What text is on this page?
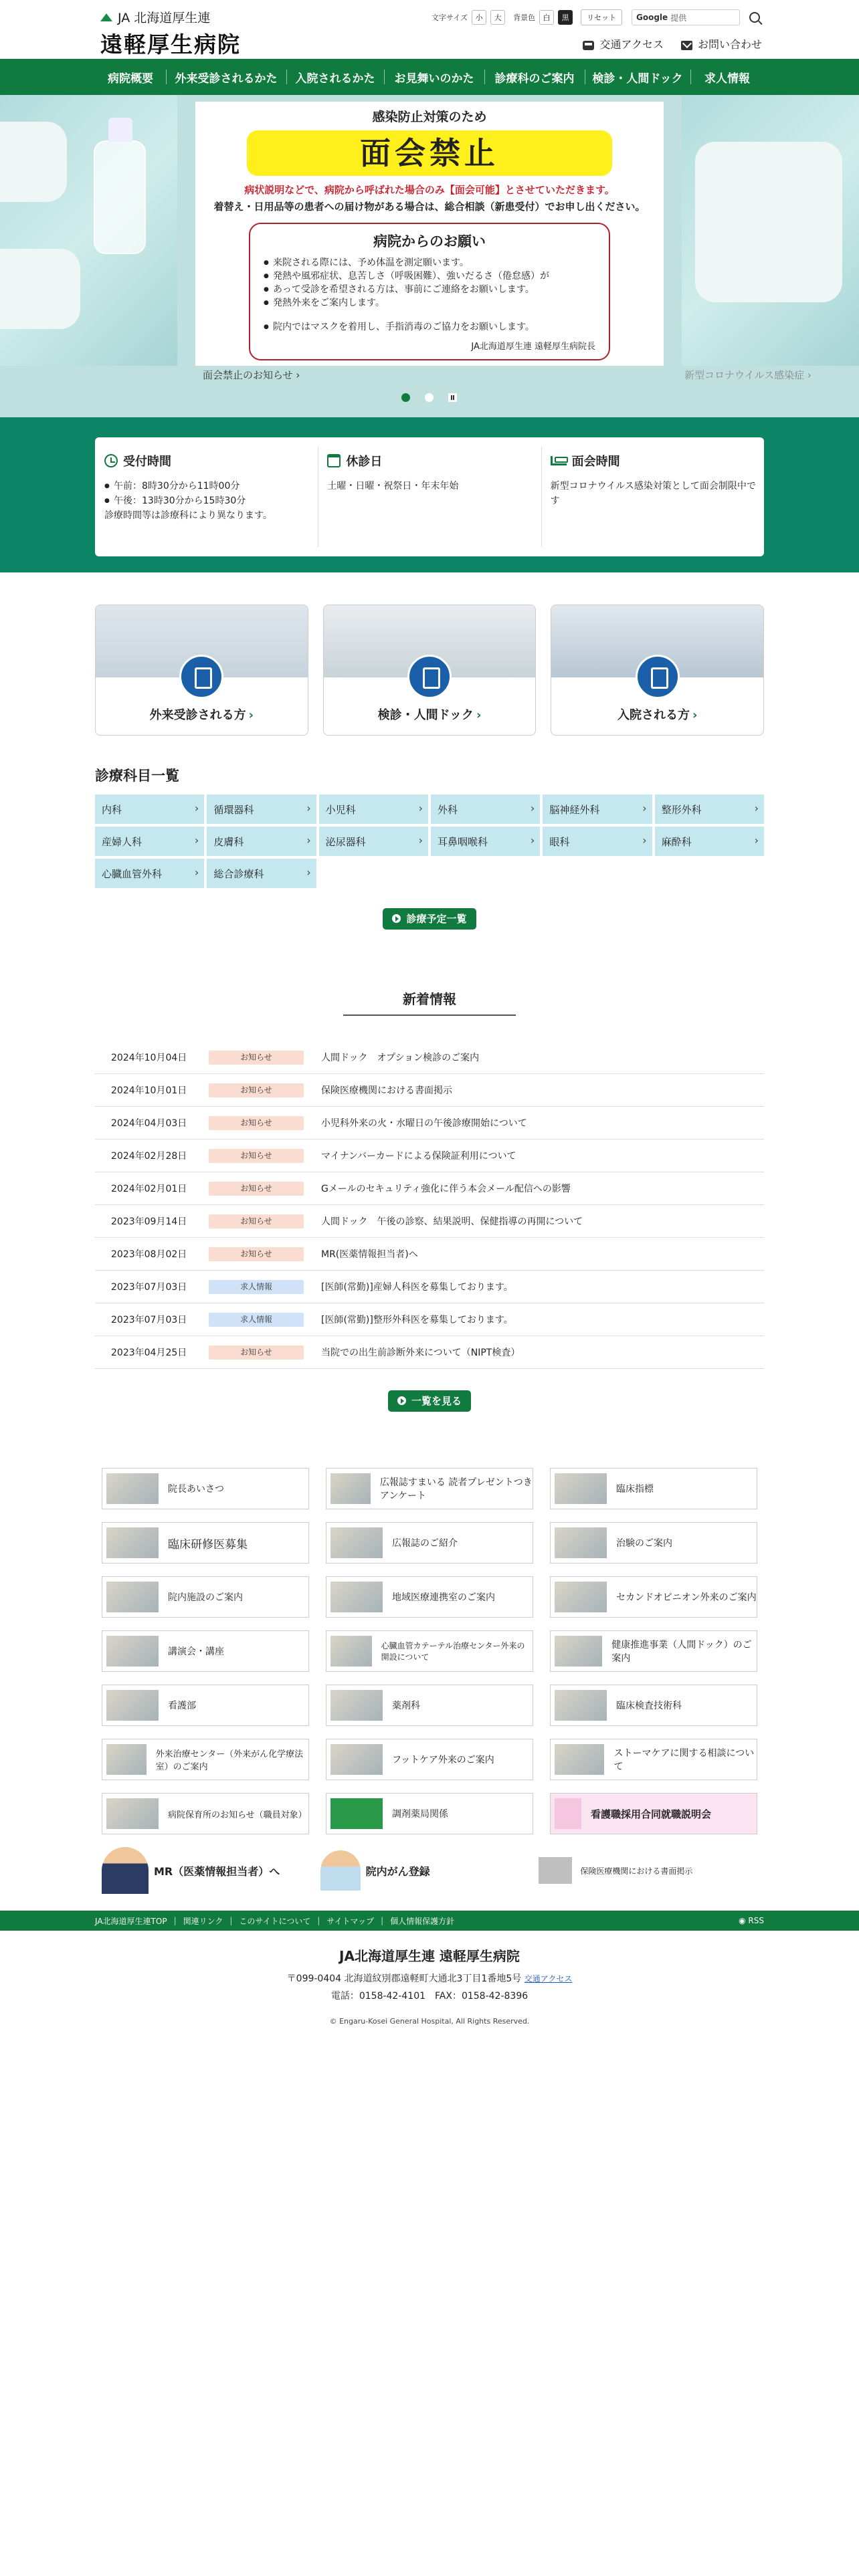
JA 北海道厚生連
遠軽厚生病院
文字サイズ	小	大	背景色	白	黒	リセット	Google 提供
交通アクセス	お問い合わせ
病院概要	外来受診されるかた	入院されるかた	お見舞いのかた	診療科のご案内	検診・人間ドック	求人情報
感染防止対策のため
面会禁止
病状説明などで、病院から呼ばれた場合のみ【面会可能】とさせていただきます。
着替え・日用品等の患者への届け物がある場合は、総合相談（新患受付）でお申し出ください。
病院からのお願い
● 来院される際には、予め体温を測定願います。
● 発熱や風邪症状、息苦しさ（呼吸困難）、強いだるさ（倦怠感）が
● あって受診を希望される方は、事前にご連絡をお願いします。
● 発熱外来をご案内します。
● 院内ではマスクを着用し、手指消毒のご協力をお願いします。
JA北海道厚生連 遠軽厚生病院長
面会禁止のお知らせ ›	新型コロナウイルス感染症 ›
受付時間

● 午前：8時30分から11時00分

● 午後：13時30分から15時30分

診療時間等は診療科により異なります。

休診日

土曜・日曜・祝祭日・年末年始

面会時間

新型コロナウイルス感染対策として面会制限中です

外来受診される方 ›	検診・人間ドック ›	入院される方 ›
診療科目一覧
内科 ›	循環器科 ›	小児科 ›	外科 ›	脳神経外科 ›	整形外科 ›
産婦人科 ›	皮膚科 ›	泌尿器科 ›	耳鼻咽喉科 ›	眼科 ›	麻酔科 ›
心臓血管外科 ›	総合診療科 ›
診療予定一覧
新着情報
2024年10月04日	お知らせ	人間ドック　オプション検診のご案内
2024年10月01日	お知らせ	保険医療機関における書面掲示
2024年04月03日	お知らせ	小児科外来の火・水曜日の午後診療開始について
2024年02月28日	お知らせ	マイナンバーカードによる保険証利用について
2024年02月01日	お知らせ	Gメールのセキュリティ強化に伴う本会メール配信への影響
2023年09月14日	お知らせ	人間ドック　午後の診察、結果説明、保健指導の再開について
2023年08月02日	お知らせ	MR(医薬情報担当者)へ
2023年07月03日	求人情報	[医師(常勤)]産婦人科医を募集しております。
2023年07月03日	求人情報	[医師(常勤)]整形外科医を募集しております。
2023年04月25日	お知らせ	当院での出生前診断外来について（NIPT検査）
一覧を見る
院長あいさつ
広報誌すまいる 読者プレゼントつきアンケート
臨床指標
臨床研修医募集	広報誌のご紹介	治験のご案内
院内施設のご案内	地域医療連携室のご案内	セカンドオピニオン外来のご案内
講演会・講座
心臓血管カテーテル治療センター外来の開設について
健康推進事業（人間ドック）のご案内
看護部	薬剤科	臨床検査技術科
外来治療センター（外来がん化学療法室）のご案内
フットケア外来のご案内
ストーマケアに関する相談について
病院保育所のお知らせ（職員対象）	調剤薬局関係	看護職採用合同就職説明会
MR（医薬情報担当者）へ	院内がん登録	保険医療機関における書面掲示
JA北海道厚生連TOP | 関連リンク | このサイトについて | サイトマップ | 個人情報保護方針	◉ RSS
JA北海道厚生連 遠軽厚生病院

〒099-0404 北海道紋別郡遠軽町大通北3丁目1番地5号 交通アクセス

電話：0158-42-4101　FAX：0158-42-8396

© Engaru-Kosei General Hospital, All Rights Reserved.
